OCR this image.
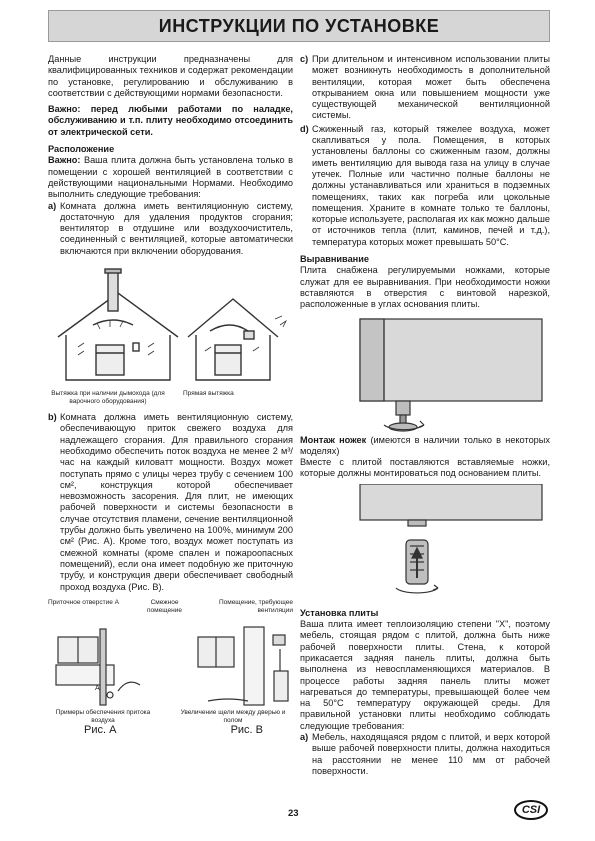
ИНСТРУКЦИИ ПО УСТАНОВКЕ

Данные инструкции предназначены для квалифицированных техников и содержат рекомендации по установке, регулированию и обслуживанию в соответствии с действующими нормами безопасности.

Важно: перед любыми работами по наладке, обслуживанию и т.п. плиту необходимо отсоединить от электрической сети.

Расположение

Важно: Ваша плита должна быть установлена только в помещении с хорошей вентиляцией в соответствии с действующими национальными Нормами. Необходимо выполнить следующие требования:

a) Комната должна иметь вентиляционную систему, достаточную для удаления продуктов сгорания; вентилятор в отдушине или воздухоочиститель, соединенный с вентиляцией, которые автоматически включаются при включении оборудования.
Вытяжка при наличии дымохода (для варочного оборудования)
Прямая вытяжка
b) Комната должна иметь вентиляционную систему, обеспечивающую приток свежего воздуха для надлежащего сгорания. Для правильного сгорания необходимо обеспечить поток воздуха не менее 2 м³/час на каждый киловатт мощности. Воздух может поступать прямо с улицы через трубу с сечением 100 см², конструкция которой обеспечивает невозможность засорения. Для плит, не имеющих рабочей поверхности и системы безопасности в случае отсутствия пламени, сечение вентиляционной трубы должно быть увеличено на 100%, минимум 200 см² (Рис. A). Кроме того, воздух может поступать из смежной комнаты (кроме спален и пожароопасных помещений), если она имеет подобную же приточную трубу, и конструкция двери обеспечивает свободный проход воздуха (Рис. B).
Приточное отверстие A	Смежное помещение
Помещение, требующее вентиляции
A
Примеры обеспечения притока воздуха
Увеличение щели между дверью и полом
Рис. A	Рис. B
c) При длительном и интенсивном использовании плиты может возникнуть необходимость в дополнительной вентиляции, которая может быть обеспечена открыванием окна или повышением мощности уже существующей механической вентиляционной системы.
d) Сжиженный газ, который тяжелее воздуха, может скапливаться у пола. Помещения, в которых установлены баллоны со сжиженным газом, должны иметь вентиляцию для вывода газа на улицу в случае утечек. Полные или частично полные баллоны не должны устанавливаться или храниться в подземных помещениях, таких как погреба или цокольные помещения. Храните в комнате только те баллоны, которые используете, располагая их как можно дальше от источников тепла (плит, каминов, печей и т.д.), температура которых может превышать 50°C.
Выравнивание

Плита снабжена регулируемыми ножками, которые служат для ее выравнивания. При необходимости ножки вставляются в отверстия с винтовой нарезкой, расположенные в углах основания плиты.

Монтаж ножек (имеются в наличии только в некоторых моделях)

Вместе с плитой поставляются вставляемые ножки, которые должны монтироваться под основанием плиты.

Установка плиты

Ваша плита имеет теплоизоляцию степени "X", поэтому мебель, стоящая рядом с плитой, должна быть ниже рабочей поверхности плиты. Стена, к которой прикасается задняя панель плиты, должна быть выполнена из невоспламеняющихся материалов. В процессе работы задняя панель плиты может нагреваться до температуры, превышающей более чем на 50°C температуру окружающей среды. Для правильной установки плиты необходимо соблюдать следующие требования:

a) Мебель, находящаяся рядом с плитой, и верх которой выше рабочей поверхности плиты, должна находиться на расстоянии не менее 110 мм от рабочей поверхности.
23	CSI
